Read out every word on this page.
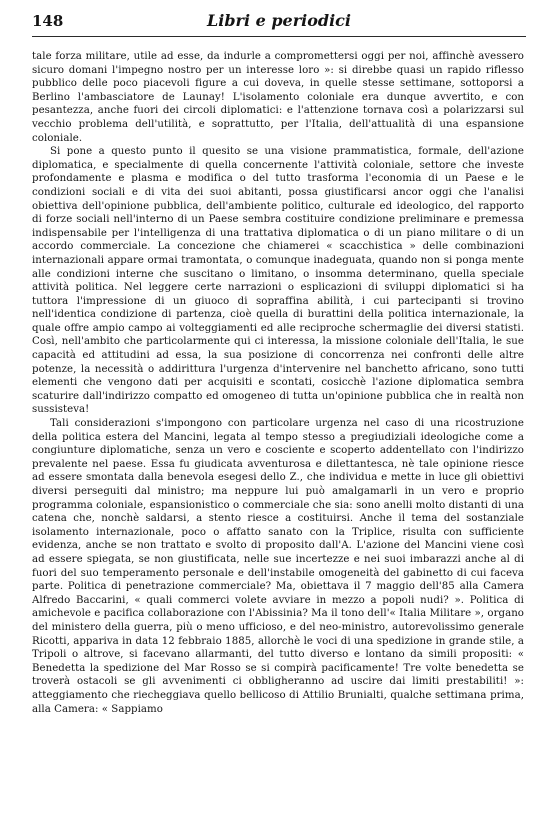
148	Libri e periodici

tale forza militare, utile ad esse, da indurle a compromettersi oggi per noi, affinchè avessero sicuro domani l'impegno nostro per un interesse loro »: si direbbe quasi un rapido riflesso pubblico delle poco piacevoli figure a cui doveva, in quelle stesse settimane, sottoporsi a Berlino l'ambasciatore de Launay! L'isolamento coloniale era dunque avvertito, e con pesantezza, anche fuori dei circoli diplomatici: e l'attenzione tornava così a polarizzarsi sul vecchio problema dell'utilità, e soprattutto, per l'Italia, dell'attualità di una espansione coloniale.

Si pone a questo punto il quesito se una visione prammatistica, formale, dell'azione diplomatica, e specialmente di quella concernente l'attività coloniale, settore che investe profondamente e plasma e modifica o del tutto trasforma l'economia di un Paese e le condizioni sociali e di vita dei suoi abitanti, possa giustificarsi ancor oggi che l'analisi obiettiva dell'opinione pubblica, dell'ambiente politico, culturale ed ideologico, del rapporto di forze sociali nell'interno di un Paese sembra costituire condizione preliminare e premessa indispensabile per l'intelligenza di una trattativa diplomatica o di un piano militare o di un accordo commerciale. La concezione che chiamerei « scacchistica » delle combinazioni internazionali appare ormai tramontata, o comunque inadeguata, quando non si ponga mente alle condizioni interne che suscitano o limitano, o insomma determinano, quella speciale attività politica. Nel leggere certe narrazioni o esplicazioni di sviluppi diplomatici si ha tuttora l'impressione di un giuoco di sopraffina abilità, i cui partecipanti si trovino nell'identica condizione di partenza, cioè quella di burattini della politica internazionale, la quale offre ampio campo ai volteggiamenti ed alle reciproche schermaglie dei diversi statisti. Così, nell'ambito che particolarmente qui ci interessa, la missione coloniale dell'Italia, le sue capacità ed attitudini ad essa, la sua posizione di concorrenza nei confronti delle altre potenze, la necessità o addirittura l'urgenza d'intervenire nel banchetto africano, sono tutti elementi che vengono dati per acquisiti e scontati, cosicchè l'azione diplomatica sembra scaturire dall'indirizzo compatto ed omogeneo di tutta un'opinione pubblica che in realtà non sussisteva!

Tali considerazioni s'impongono con particolare urgenza nel caso di una ricostruzione della politica estera del Mancini, legata al tempo stesso a pregiudiziali ideologiche come a congiunture diplomatiche, senza un vero e cosciente e scoperto addentellato con l'indirizzo prevalente nel paese. Essa fu giudicata avventurosa e dilettantesca, nè tale opinione riesce ad essere smontata dalla benevola esegesi dello Z., che individua e mette in luce gli obiettivi diversi perseguiti dal ministro; ma neppure lui può amalgamarli in un vero e proprio programma coloniale, espansionistico o commerciale che sia: sono anelli molto distanti di una catena che, nonchè saldarsi, a stento riesce a costituirsi. Anche il tema del sostanziale isolamento internazionale, poco o affatto sanato con la Triplice, risulta con sufficiente evidenza, anche se non trattato e svolto di proposito dall'A. L'azione del Mancini viene così ad essere spiegata, se non giustificata, nelle sue incertezze e nei suoi imbarazzi anche al di fuori del suo temperamento personale e dell'instabile omogeneità del gabinetto di cui faceva parte. Politica di penetrazione commerciale? Ma, obiettava il 7 maggio dell'85 alla Camera Alfredo Baccarini, « quali commerci volete avviare in mezzo a popoli nudi? ». Politica di amichevole e pacifica collaborazione con l'Abissinia? Ma il tono dell'« Italia Militare », organo del ministero della guerra, più o meno ufficioso, e del neo-ministro, autorevolissimo generale Ricotti, appariva in data 12 febbraio 1885, allorchè le voci di una spedizione in grande stile, a Tripoli o altrove, si facevano allarmanti, del tutto diverso e lontano da simili propositi: « Benedetta la spedizione del Mar Rosso se si compirà pacificamente! Tre volte benedetta se troverà ostacoli se gli avvenimenti ci obbligheranno ad uscire dai limiti prestabiliti! »: atteggiamento che riecheggiava quello bellicoso di Attilio Brunialti, qualche settimana prima, alla Camera: « Sappiamo
